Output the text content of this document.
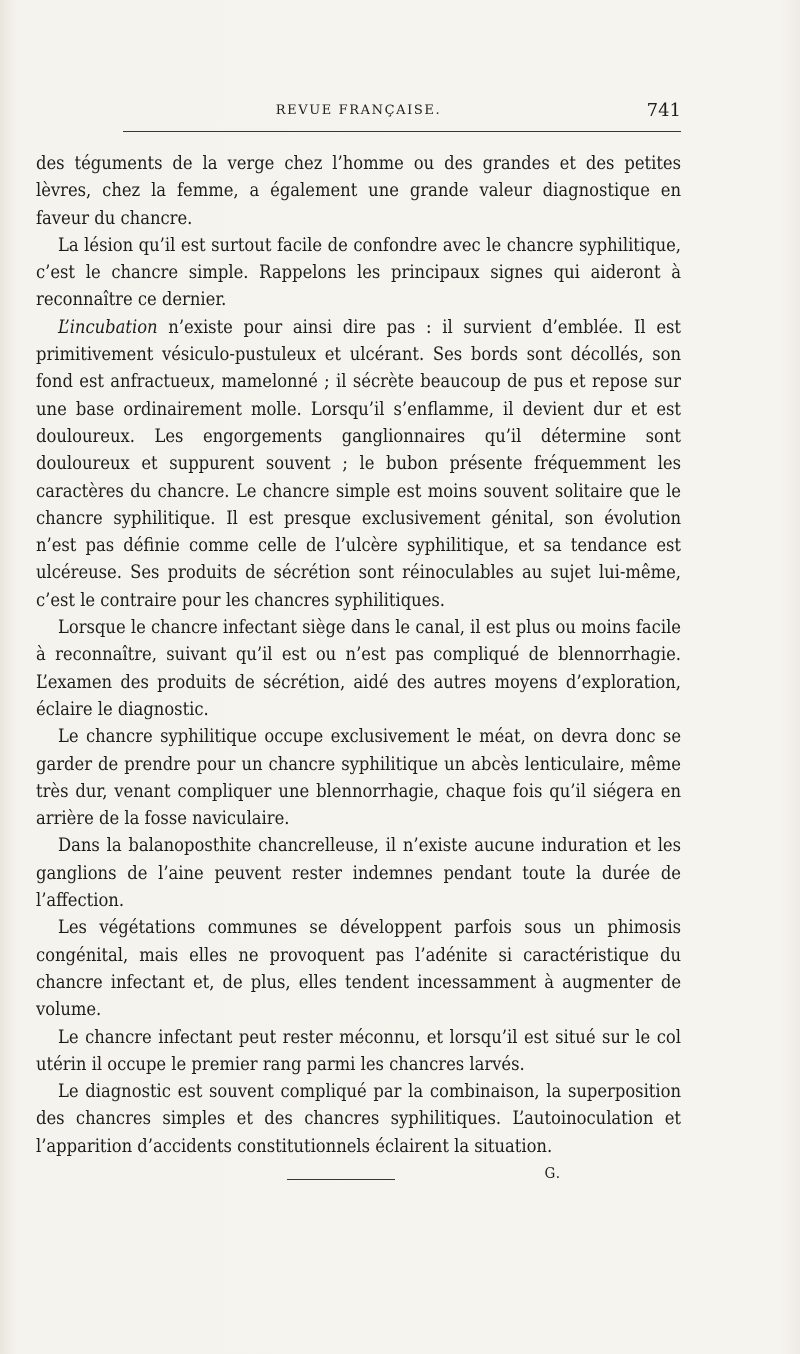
REVUE FRANÇAISE.	741

des téguments de la verge chez l’homme ou des grandes et des petites lèvres, chez la femme, a également une grande valeur diagnostique en faveur du chancre.

La lésion qu’il est surtout facile de confondre avec le chancre syphilitique, c’est le chancre simple. Rappelons les principaux signes qui aideront à reconnaître ce dernier.

L’incubation n’existe pour ainsi dire pas : il survient d’emblée. Il est primitivement vésiculo-pustuleux et ulcérant. Ses bords sont décollés, son fond est anfractueux, mamelonné ; il sécrète beaucoup de pus et repose sur une base ordinairement molle. Lorsqu’il s’enflamme, il devient dur et est douloureux. Les engorgements ganglionnaires qu’il détermine sont douloureux et suppurent souvent ; le bubon présente fréquemment les caractères du chancre. Le chancre simple est moins souvent solitaire que le chancre syphilitique. Il est presque exclusivement génital, son évolution n’est pas définie comme celle de l’ulcère syphilitique, et sa tendance est ulcéreuse. Ses produits de sécrétion sont réinoculables au sujet lui-même, c’est le contraire pour les chancres syphilitiques.

Lorsque le chancre infectant siège dans le canal, il est plus ou moins facile à reconnaître, suivant qu’il est ou n’est pas compliqué de blennorrhagie. L’examen des produits de sécrétion, aidé des autres moyens d’exploration, éclaire le diagnostic.

Le chancre syphilitique occupe exclusivement le méat, on devra donc se garder de prendre pour un chancre syphilitique un abcès lenticulaire, même très dur, venant compliquer une blennorrhagie, chaque fois qu’il siégera en arrière de la fosse naviculaire.

Dans la balanoposthite chancrelleuse, il n’existe aucune induration et les ganglions de l’aine peuvent rester indemnes pendant toute la durée de l’affection.

Les végétations communes se développent parfois sous un phimosis congénital, mais elles ne provoquent pas l’adénite si caractéristique du chancre infectant et, de plus, elles tendent incessamment à augmenter de volume.

Le chancre infectant peut rester méconnu, et lorsqu’il est situé sur le col utérin il occupe le premier rang parmi les chancres larvés.

Le diagnostic est souvent compliqué par la combinaison, la superposition des chancres simples et des chancres syphilitiques. L’autoinoculation et l’apparition d’accidents constitutionnels éclairent la situation.
G.
